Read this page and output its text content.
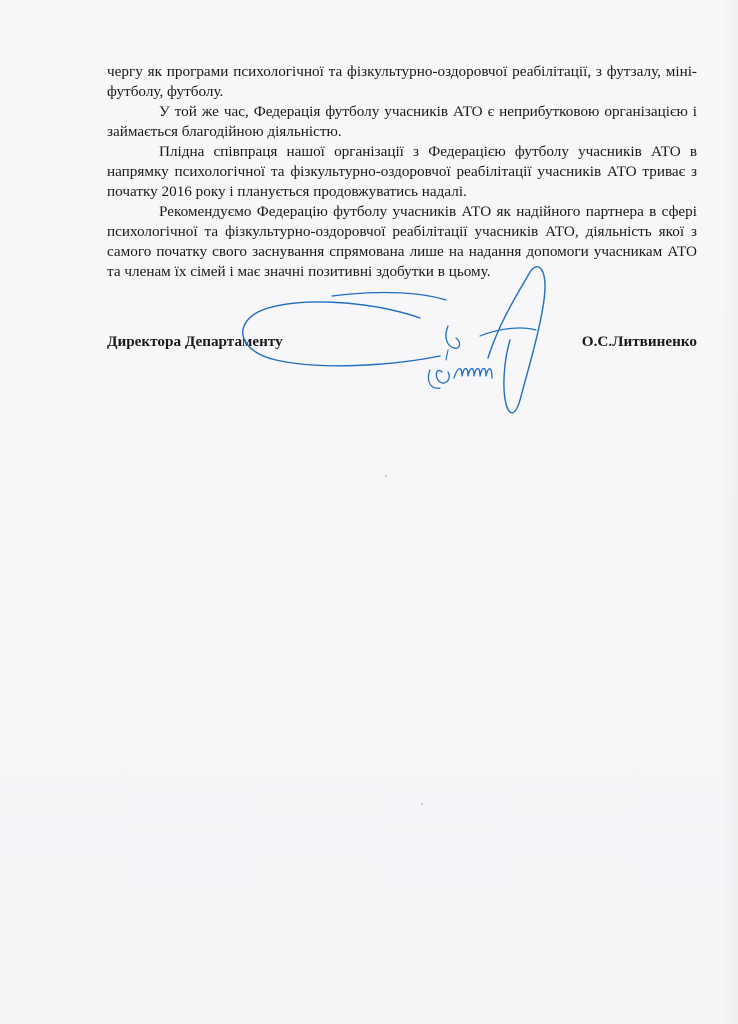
чергу як програми психологічної та фізкультурно-оздоровчої реабілітації, з футзалу, міні-футболу, футболу.

У той же час, Федерація футболу учасників АТО є неприбутковою організацією і займається благодійною діяльністю.

Плідна співпраця нашої організації з Федерацією футболу учасників АТО в напрямку психологічної та фізкультурно-оздоровчої реабілітації учасників АТО триває з початку 2016 року і планується продовжуватись надалі.

Рекомендуємо Федерацію футболу учасників АТО як надійного партнера в сфері психологічної та фізкультурно-оздоровчої реабілітації учасників АТО, діяльність якої з самого початку свого заснування спрямована лише на надання допомоги учасникам АТО та членам їх сімей і має значні позитивні здобутки в цьому.

Директора Департаменту	О.С.Литвиненко
